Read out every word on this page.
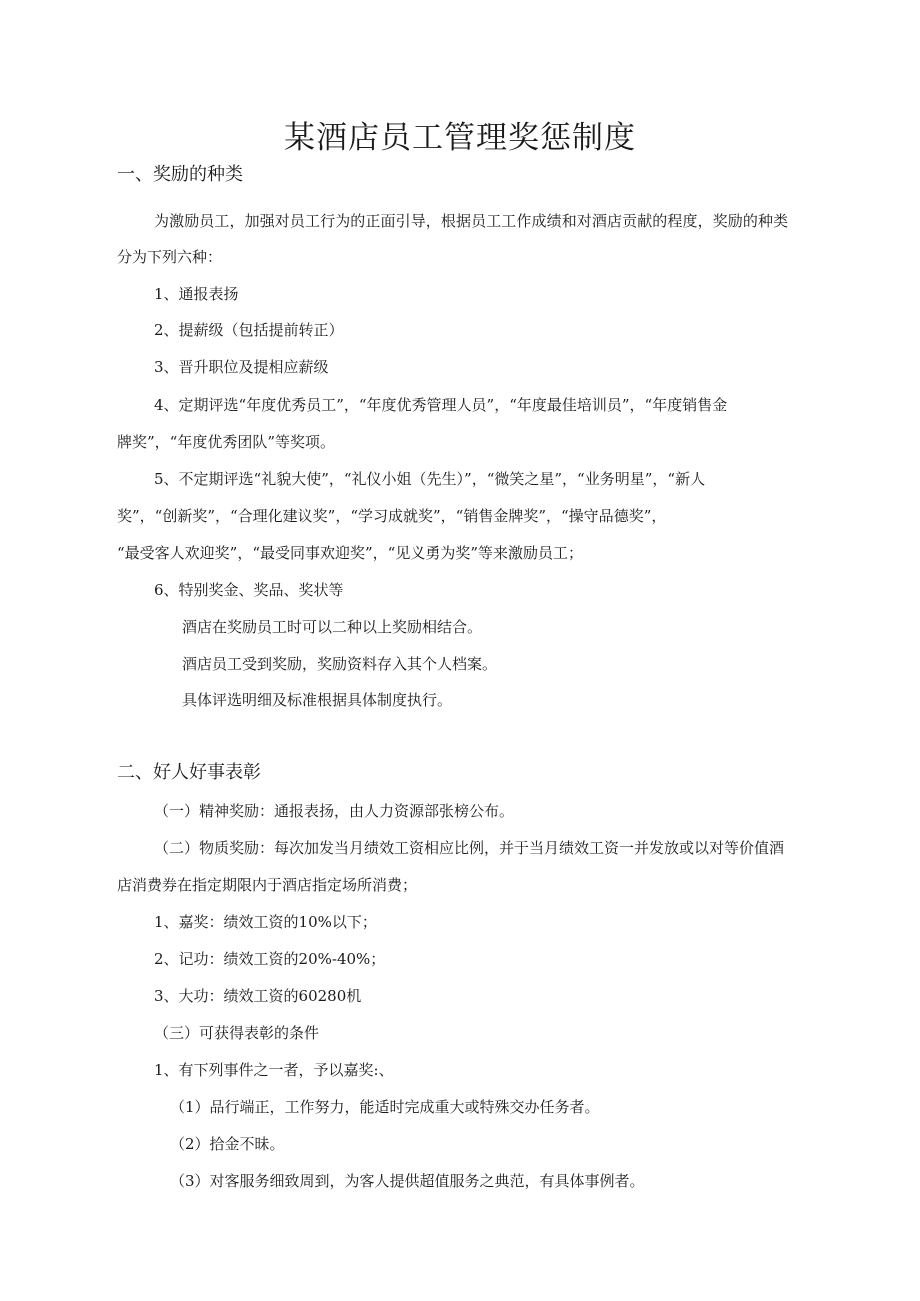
某酒店员工管理奖惩制度
一、奖励的种类
为激励员工，加强对员工行为的正面引导，根据员工工作成绩和对酒店贡献的程度，奖励的种类
分为下列六种：
1、通报表扬
2、提薪级（包括提前转正）
3、晋升职位及提相应薪级
4、定期评选“年度优秀员工”，“年度优秀管理人员”，“年度最佳培训员”，“年度销售金
牌奖”，“年度优秀团队”等奖项。
5、不定期评选“礼貌大使”，“礼仪小姐（先生）”，“微笑之星”，“业务明星”，“新人
奖”，“创新奖”，“合理化建议奖”，“学习成就奖”，“销售金牌奖”，“操守品德奖”，
“最受客人欢迎奖”，“最受同事欢迎奖”，“见义勇为奖”等来激励员工；
6、特别奖金、奖品、奖状等
酒店在奖励员工时可以二种以上奖励相结合。
酒店员工受到奖励，奖励资料存入其个人档案。
具体评选明细及标准根据具体制度执行。
二、好人好事表彰
（一）精神奖励：通报表扬，由人力资源部张榜公布。
（二）物质奖励：每次加发当月绩效工资相应比例，并于当月绩效工资一并发放或以对等价值酒
店消费券在指定期限内于酒店指定场所消费；
1、嘉奖：绩效工资的10%以下；
2、记功：绩效工资的20%-40%；
3、大功：绩效工资的60280机
（三）可获得表彰的条件
1、有下列事件之一者，予以嘉奖:、
（1）品行端正，工作努力，能适时完成重大或特殊交办任务者。
（2）拾金不昧。
（3）对客服务细致周到，为客人提供超值服务之典范，有具体事例者。
